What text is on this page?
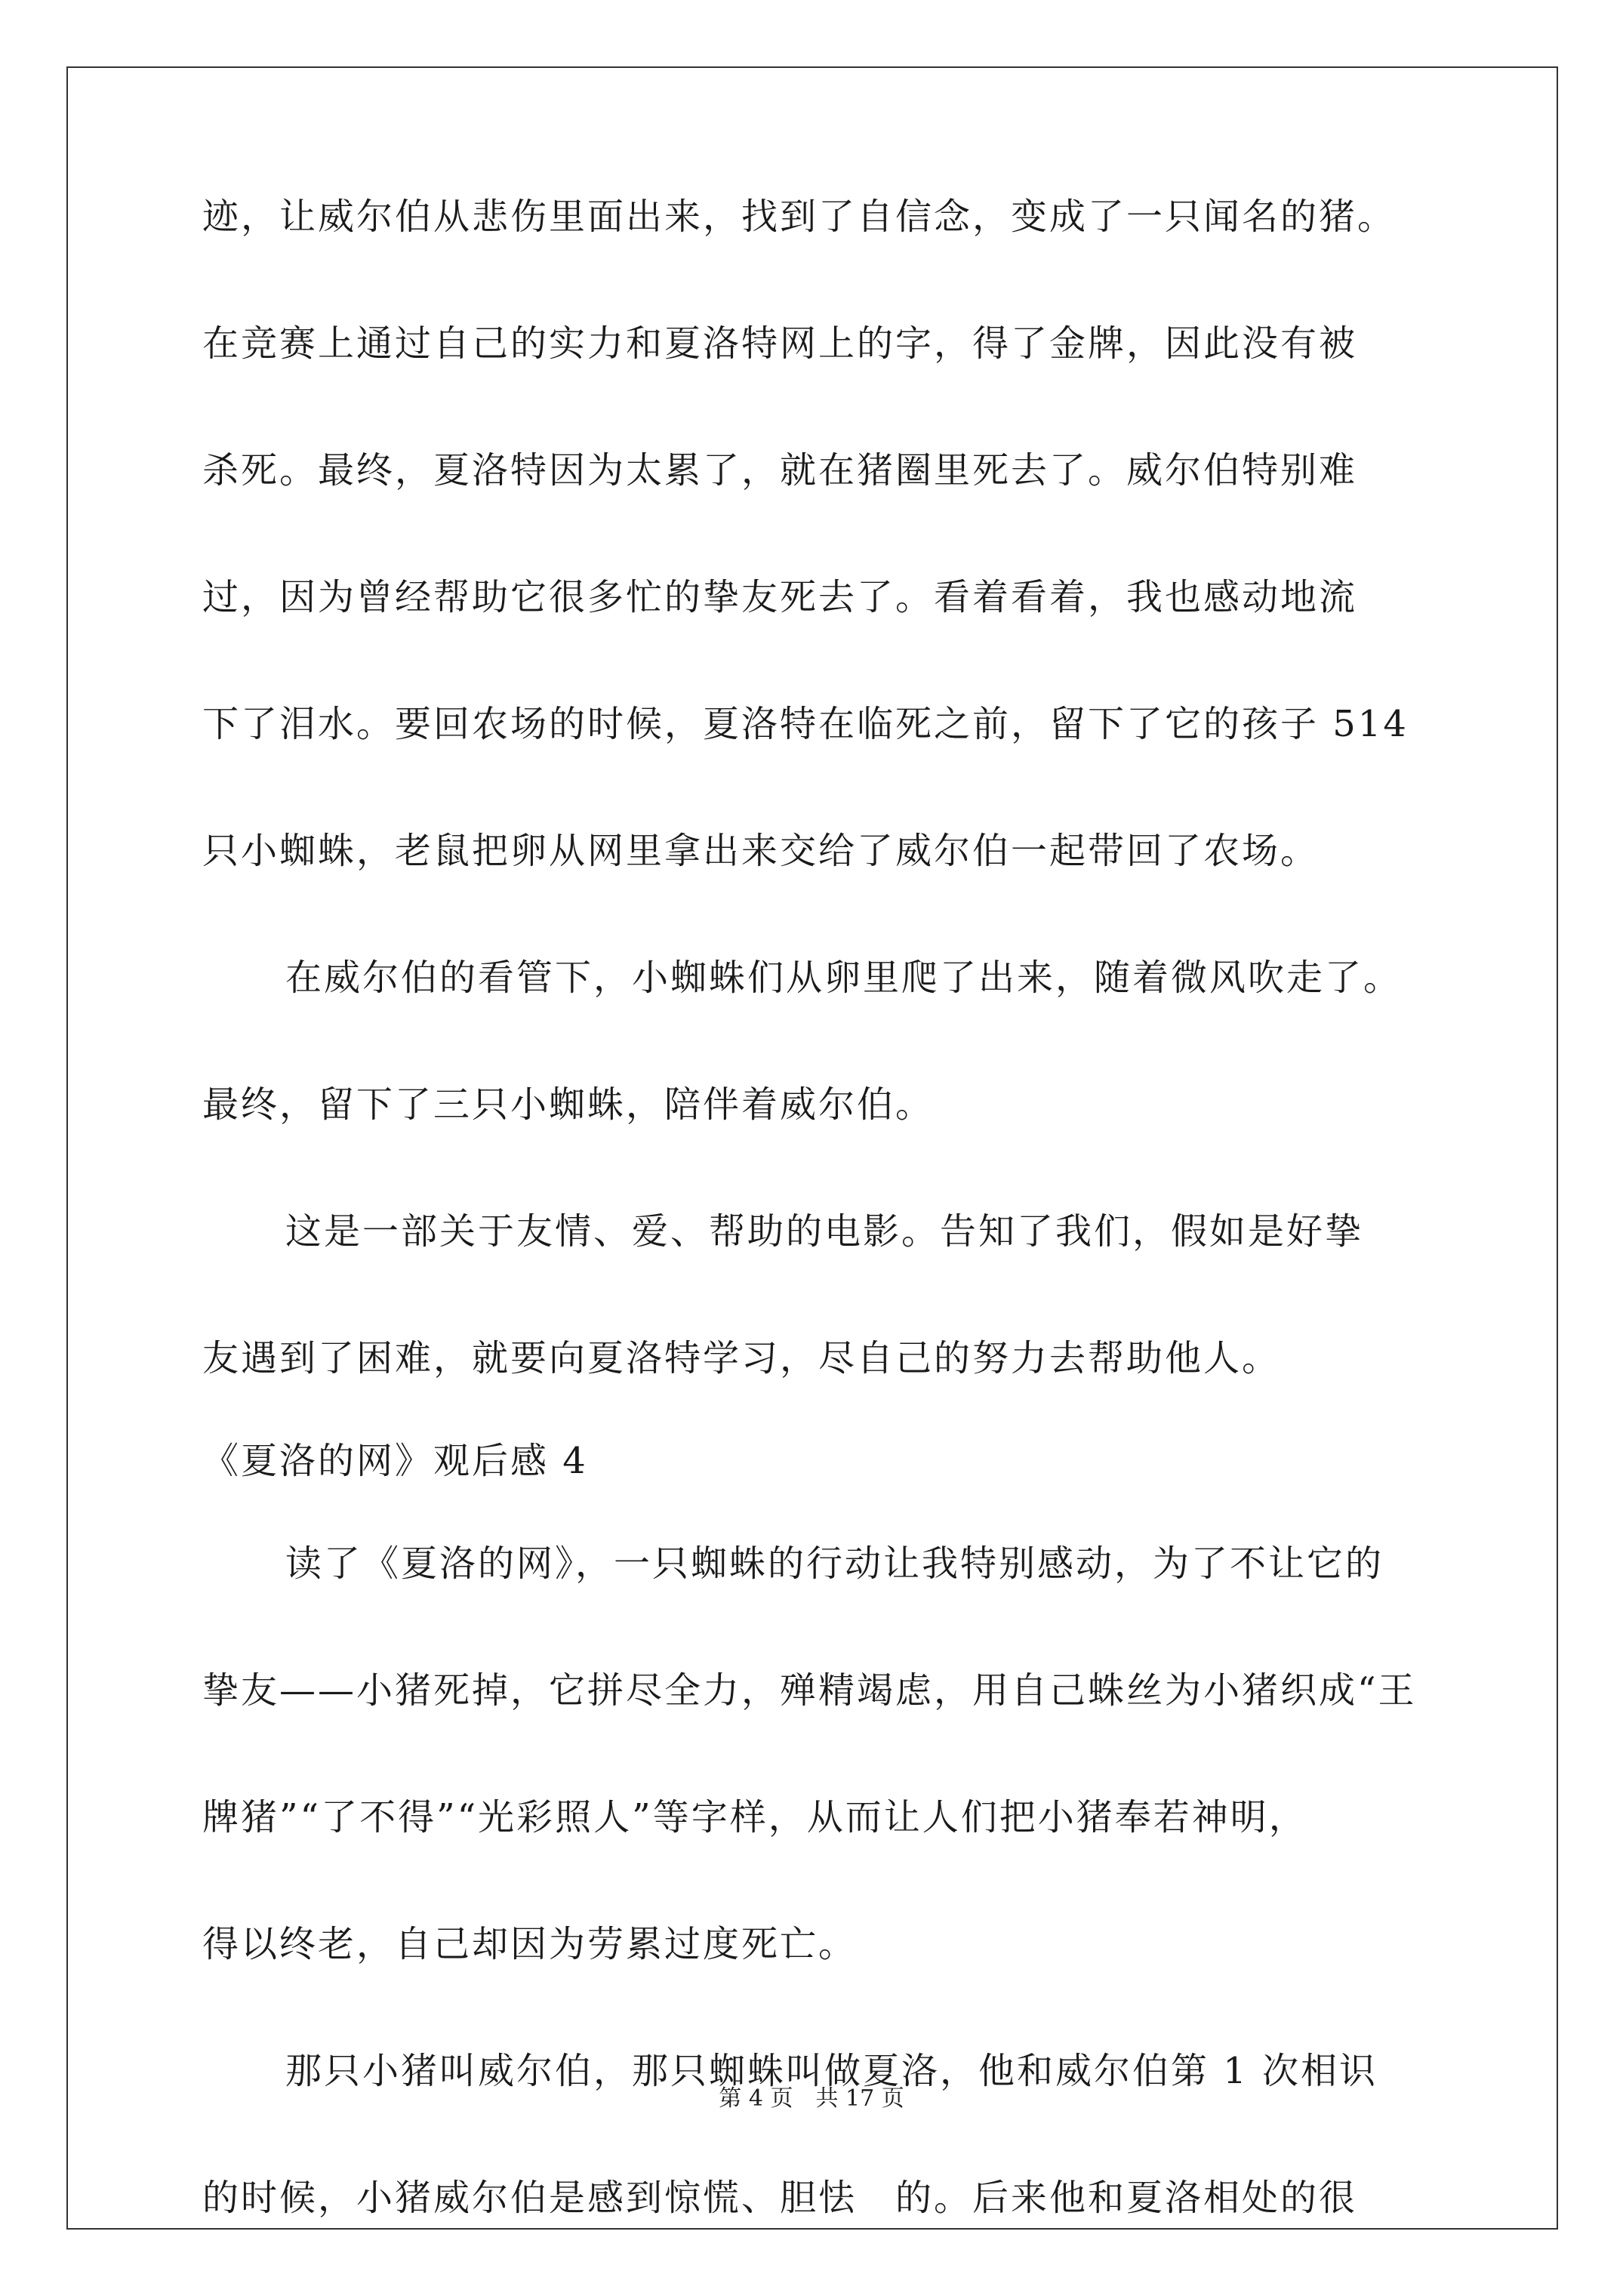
迹，让威尔伯从悲伤里面出来，找到了自信念，变成了一只闻名的猪。

在竞赛上通过自己的实力和夏洛特网上的字，得了金牌，因此没有被

杀死。最终，夏洛特因为太累了，就在猪圈里死去了。威尔伯特别难

过，因为曾经帮助它很多忙的挚友死去了。看着看着，我也感动地流

下了泪水。要回农场的时候，夏洛特在临死之前，留下了它的孩子 514

只小蜘蛛，老鼠把卵从网里拿出来交给了威尔伯一起带回了农场。

在威尔伯的看管下，小蜘蛛们从卵里爬了出来，随着微风吹走了。

最终，留下了三只小蜘蛛，陪伴着威尔伯。

这是一部关于友情、爱、帮助的电影。告知了我们，假如是好挚

友遇到了困难，就要向夏洛特学习，尽自己的努力去帮助他人。

《夏洛的网》观后感 4

读了《夏洛的网》，一只蜘蛛的行动让我特别感动，为了不让它的

挚友——小猪死掉，它拼尽全力，殚精竭虑，用自己蛛丝为小猪织成“王

牌猪”“了不得”“光彩照人”等字样，从而让人们把小猪奉若神明，

得以终老，自己却因为劳累过度死亡。

那只小猪叫威尔伯，那只蜘蛛叫做夏洛，他和威尔伯第 1 次相识

的时候，小猪威尔伯是感到惊慌、胆怯　的。后来他和夏洛相处的很

第 4 页　共 17 页
